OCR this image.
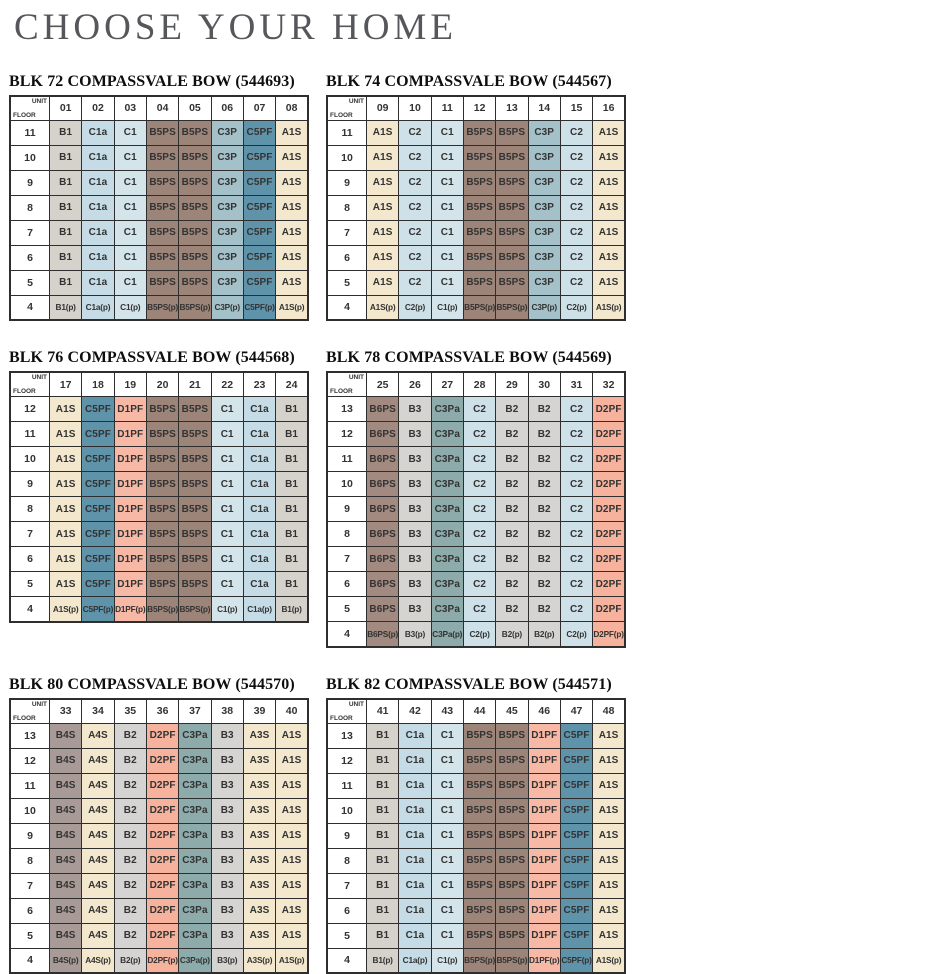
CHOOSE YOUR HOME
BLK 72 COMPASSVALE BOW (544693)
UNIT
FLOOR	01	02	03	04	05	06	07	08
11	B1	C1a	C1	B5PS	B5PS	C3P	C5PF	A1S
10	B1	C1a	C1	B5PS	B5PS	C3P	C5PF	A1S
9	B1	C1a	C1	B5PS	B5PS	C3P	C5PF	A1S
8	B1	C1a	C1	B5PS	B5PS	C3P	C5PF	A1S
7	B1	C1a	C1	B5PS	B5PS	C3P	C5PF	A1S
6	B1	C1a	C1	B5PS	B5PS	C3P	C5PF	A1S
5	B1	C1a	C1	B5PS	B5PS	C3P	C5PF	A1S
4	B1(p)	C1a(p)	C1(p)	B5PS(p)	B5PS(p)	C3P(p)	C5PF(p)	A1S(p)
BLK 74 COMPASSVALE BOW (544567)
UNIT
FLOOR	09	10	11	12	13	14	15	16
11	A1S	C2	C1	B5PS	B5PS	C3P	C2	A1S
10	A1S	C2	C1	B5PS	B5PS	C3P	C2	A1S
9	A1S	C2	C1	B5PS	B5PS	C3P	C2	A1S
8	A1S	C2	C1	B5PS	B5PS	C3P	C2	A1S
7	A1S	C2	C1	B5PS	B5PS	C3P	C2	A1S
6	A1S	C2	C1	B5PS	B5PS	C3P	C2	A1S
5	A1S	C2	C1	B5PS	B5PS	C3P	C2	A1S
4	A1S(p)	C2(p)	C1(p)	B5PS(p)	B5PS(p)	C3P(p)	C2(p)	A1S(p)
BLK 76 COMPASSVALE BOW (544568)
UNIT
FLOOR	17	18	19	20	21	22	23	24
12	A1S	C5PF	D1PF	B5PS	B5PS	C1	C1a	B1
11	A1S	C5PF	D1PF	B5PS	B5PS	C1	C1a	B1
10	A1S	C5PF	D1PF	B5PS	B5PS	C1	C1a	B1
9	A1S	C5PF	D1PF	B5PS	B5PS	C1	C1a	B1
8	A1S	C5PF	D1PF	B5PS	B5PS	C1	C1a	B1
7	A1S	C5PF	D1PF	B5PS	B5PS	C1	C1a	B1
6	A1S	C5PF	D1PF	B5PS	B5PS	C1	C1a	B1
5	A1S	C5PF	D1PF	B5PS	B5PS	C1	C1a	B1
4	A1S(p)	C5PF(p)	D1PF(p)	B5PS(p)	B5PS(p)	C1(p)	C1a(p)	B1(p)
BLK 78 COMPASSVALE BOW (544569)
UNIT
FLOOR	25	26	27	28	29	30	31	32
13	B6PS	B3	C3Pa	C2	B2	B2	C2	D2PF
12	B6PS	B3	C3Pa	C2	B2	B2	C2	D2PF
11	B6PS	B3	C3Pa	C2	B2	B2	C2	D2PF
10	B6PS	B3	C3Pa	C2	B2	B2	C2	D2PF
9	B6PS	B3	C3Pa	C2	B2	B2	C2	D2PF
8	B6PS	B3	C3Pa	C2	B2	B2	C2	D2PF
7	B6PS	B3	C3Pa	C2	B2	B2	C2	D2PF
6	B6PS	B3	C3Pa	C2	B2	B2	C2	D2PF
5	B6PS	B3	C3Pa	C2	B2	B2	C2	D2PF
4	B6PS(p)	B3(p)	C3Pa(p)	C2(p)	B2(p)	B2(p)	C2(p)	D2PF(p)
BLK 80 COMPASSVALE BOW (544570)
UNIT
FLOOR	33	34	35	36	37	38	39	40
13	B4S	A4S	B2	D2PF	C3Pa	B3	A3S	A1S
12	B4S	A4S	B2	D2PF	C3Pa	B3	A3S	A1S
11	B4S	A4S	B2	D2PF	C3Pa	B3	A3S	A1S
10	B4S	A4S	B2	D2PF	C3Pa	B3	A3S	A1S
9	B4S	A4S	B2	D2PF	C3Pa	B3	A3S	A1S
8	B4S	A4S	B2	D2PF	C3Pa	B3	A3S	A1S
7	B4S	A4S	B2	D2PF	C3Pa	B3	A3S	A1S
6	B4S	A4S	B2	D2PF	C3Pa	B3	A3S	A1S
5	B4S	A4S	B2	D2PF	C3Pa	B3	A3S	A1S
4	B4S(p)	A4S(p)	B2(p)	D2PF(p)	C3Pa(p)	B3(p)	A3S(p)	A1S(p)
BLK 82 COMPASSVALE BOW (544571)
UNIT
FLOOR	41	42	43	44	45	46	47	48
13	B1	C1a	C1	B5PS	B5PS	D1PF	C5PF	A1S
12	B1	C1a	C1	B5PS	B5PS	D1PF	C5PF	A1S
11	B1	C1a	C1	B5PS	B5PS	D1PF	C5PF	A1S
10	B1	C1a	C1	B5PS	B5PS	D1PF	C5PF	A1S
9	B1	C1a	C1	B5PS	B5PS	D1PF	C5PF	A1S
8	B1	C1a	C1	B5PS	B5PS	D1PF	C5PF	A1S
7	B1	C1a	C1	B5PS	B5PS	D1PF	C5PF	A1S
6	B1	C1a	C1	B5PS	B5PS	D1PF	C5PF	A1S
5	B1	C1a	C1	B5PS	B5PS	D1PF	C5PF	A1S
4	B1(p)	C1a(p)	C1(p)	B5PS(p)	B5PS(p)	D1PF(p)	C5PF(p)	A1S(p)
